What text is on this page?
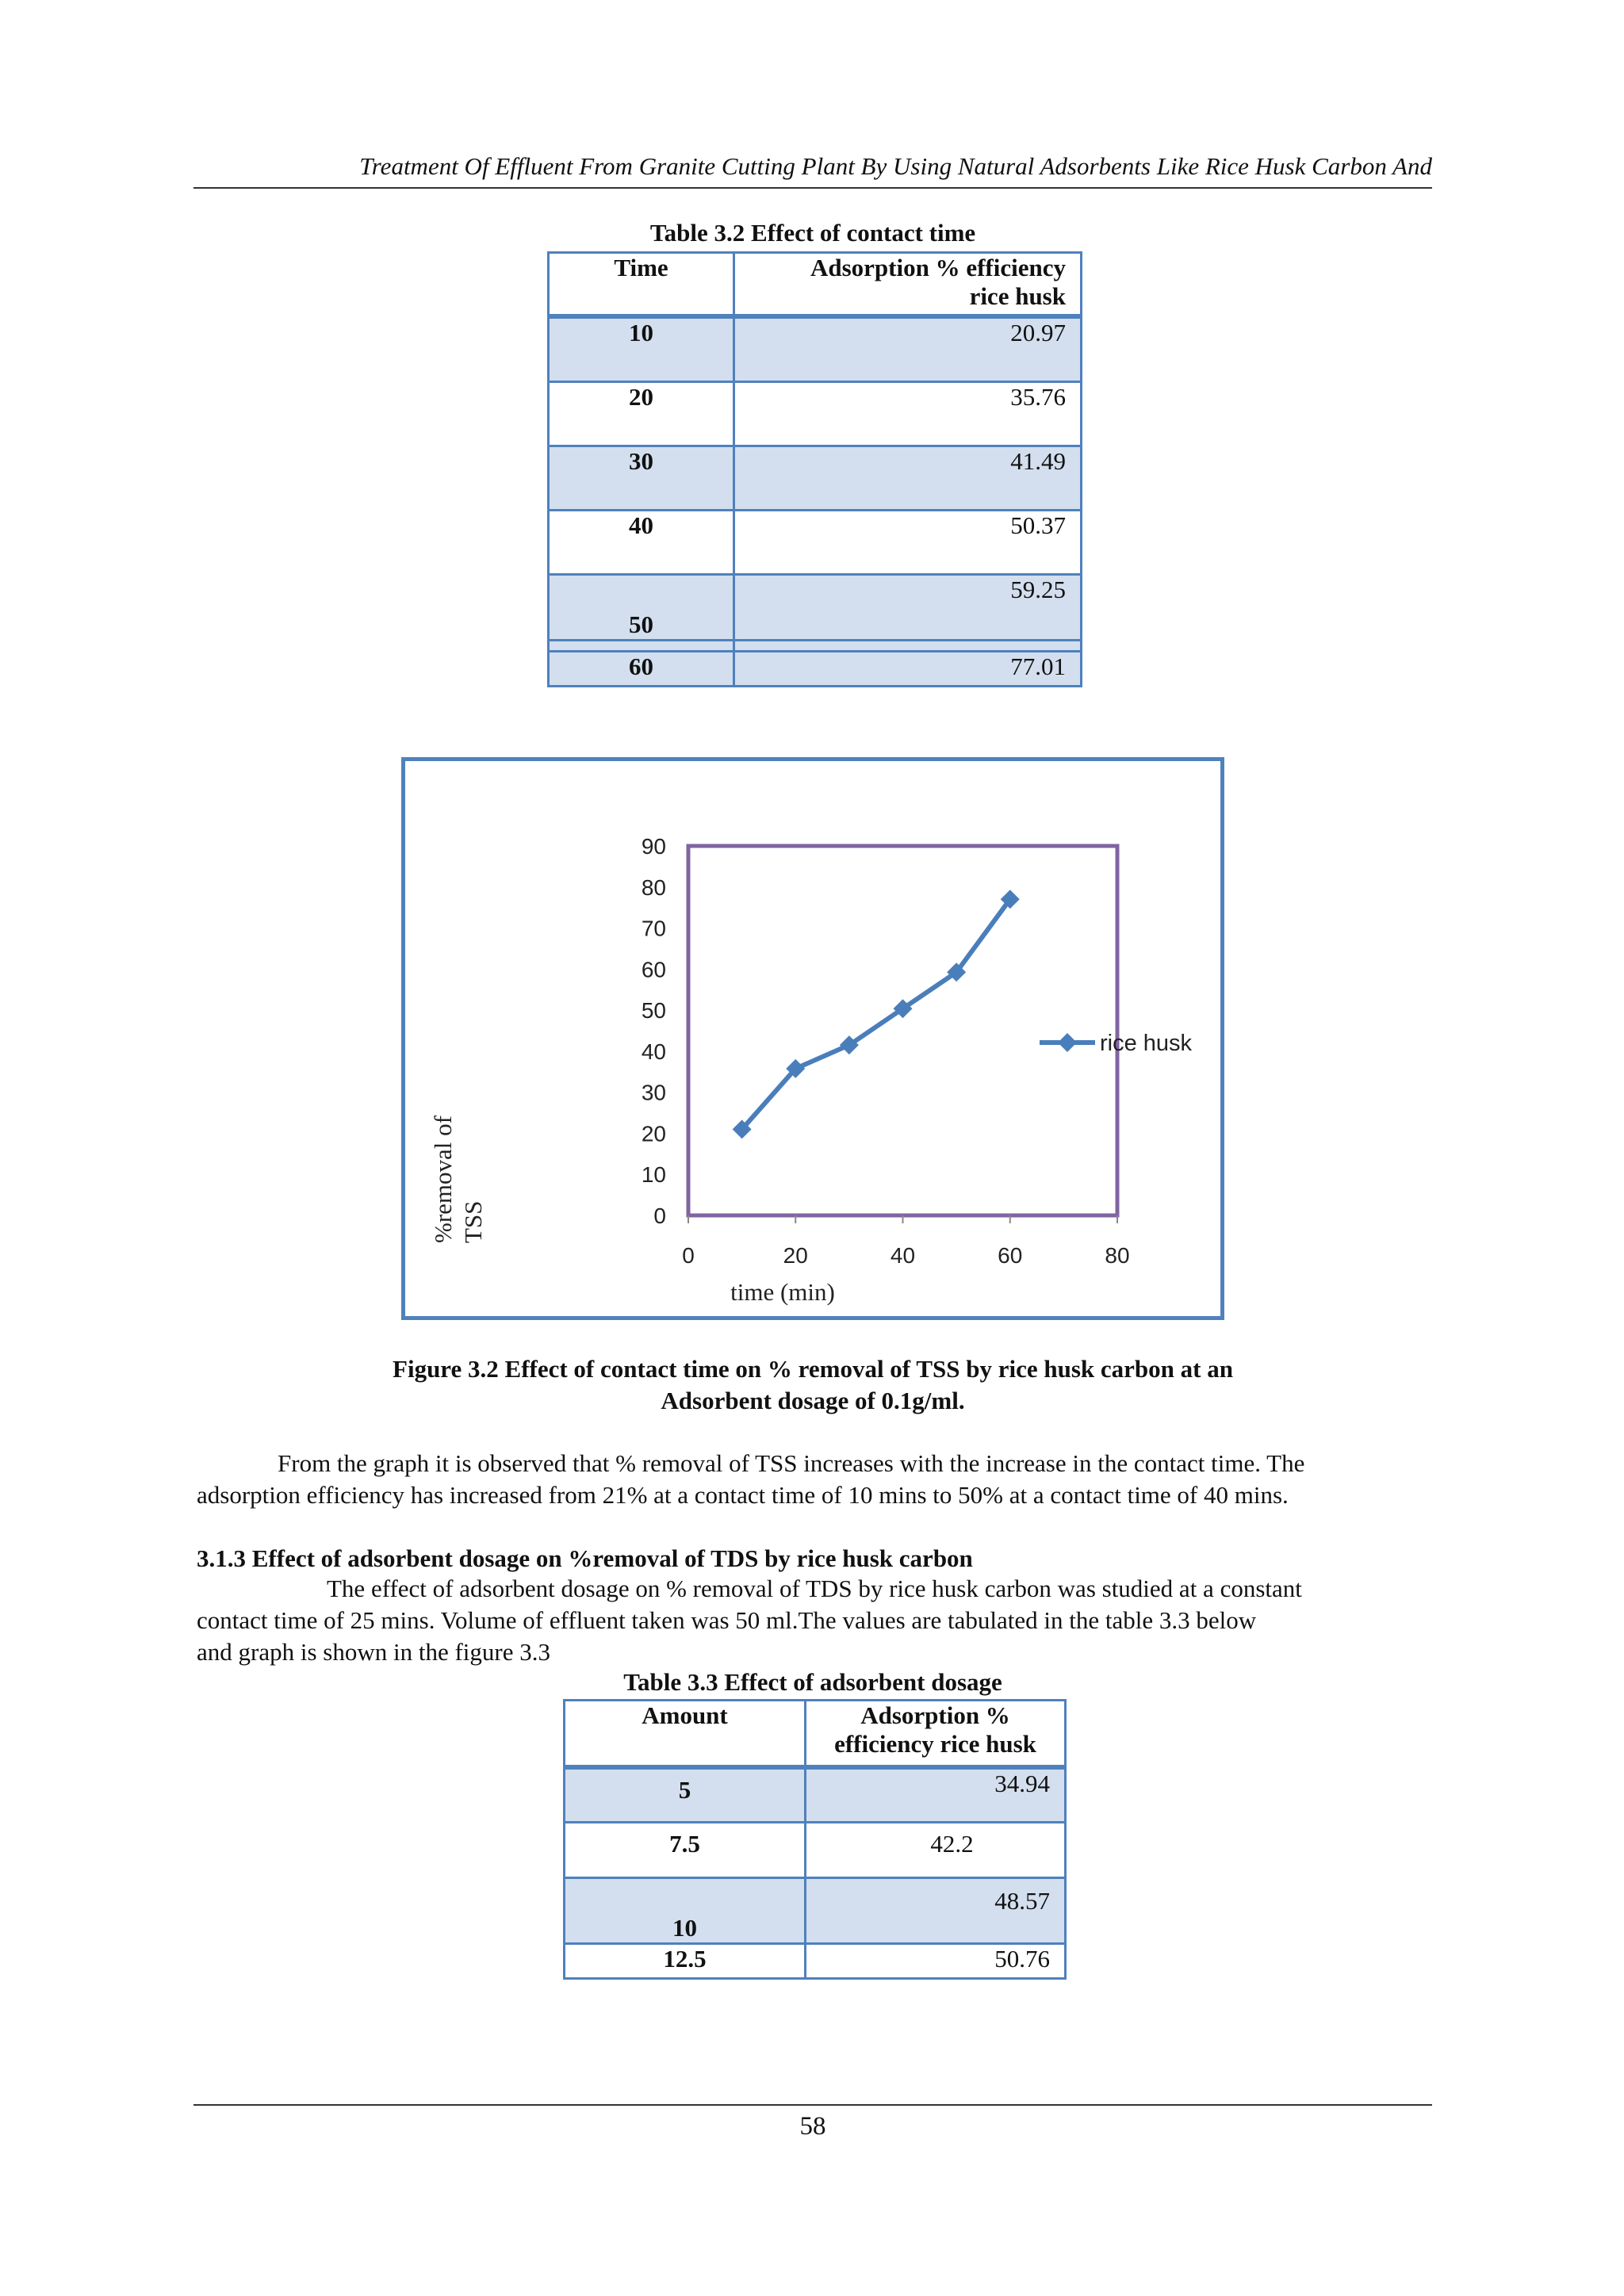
Treatment Of Effluent From Granite Cutting Plant By Using Natural Adsorbents Like Rice Husk Carbon And
Table 3.2 Effect of contact time
Time	Adsorption % efficiency
rice husk

10	20.97
20	35.76
30	41.49
40	50.37
50	59.25

60	77.01
0
10
20
30
40
50
60
70
80
90
0	20	40	60	80
rice husk
time (min)
%removal of TSS
Figure 3.2 Effect of contact time on % removal of TSS by rice husk carbon at an
Adsorbent dosage of 0.1g/ml.
From the graph it is observed that % removal of TSS increases with the increase in the contact time. The
adsorption efficiency has increased from 21% at a contact time of 10 mins to 50% at a contact time of 40 mins.
3.1.3 Effect of adsorbent dosage on %removal of TDS by rice husk carbon
The effect of adsorbent dosage on % removal of TDS by rice husk carbon was studied at a constant
contact time of 25 mins. Volume of effluent taken was 50 ml.The values are tabulated in the table 3.3 below
and graph is shown in the figure 3.3
Table 3.3 Effect of adsorbent dosage
Amount	Adsorption %
efficiency rice husk

5	34.94
7.5	42.2
10	48.57
12.5	50.76
58
